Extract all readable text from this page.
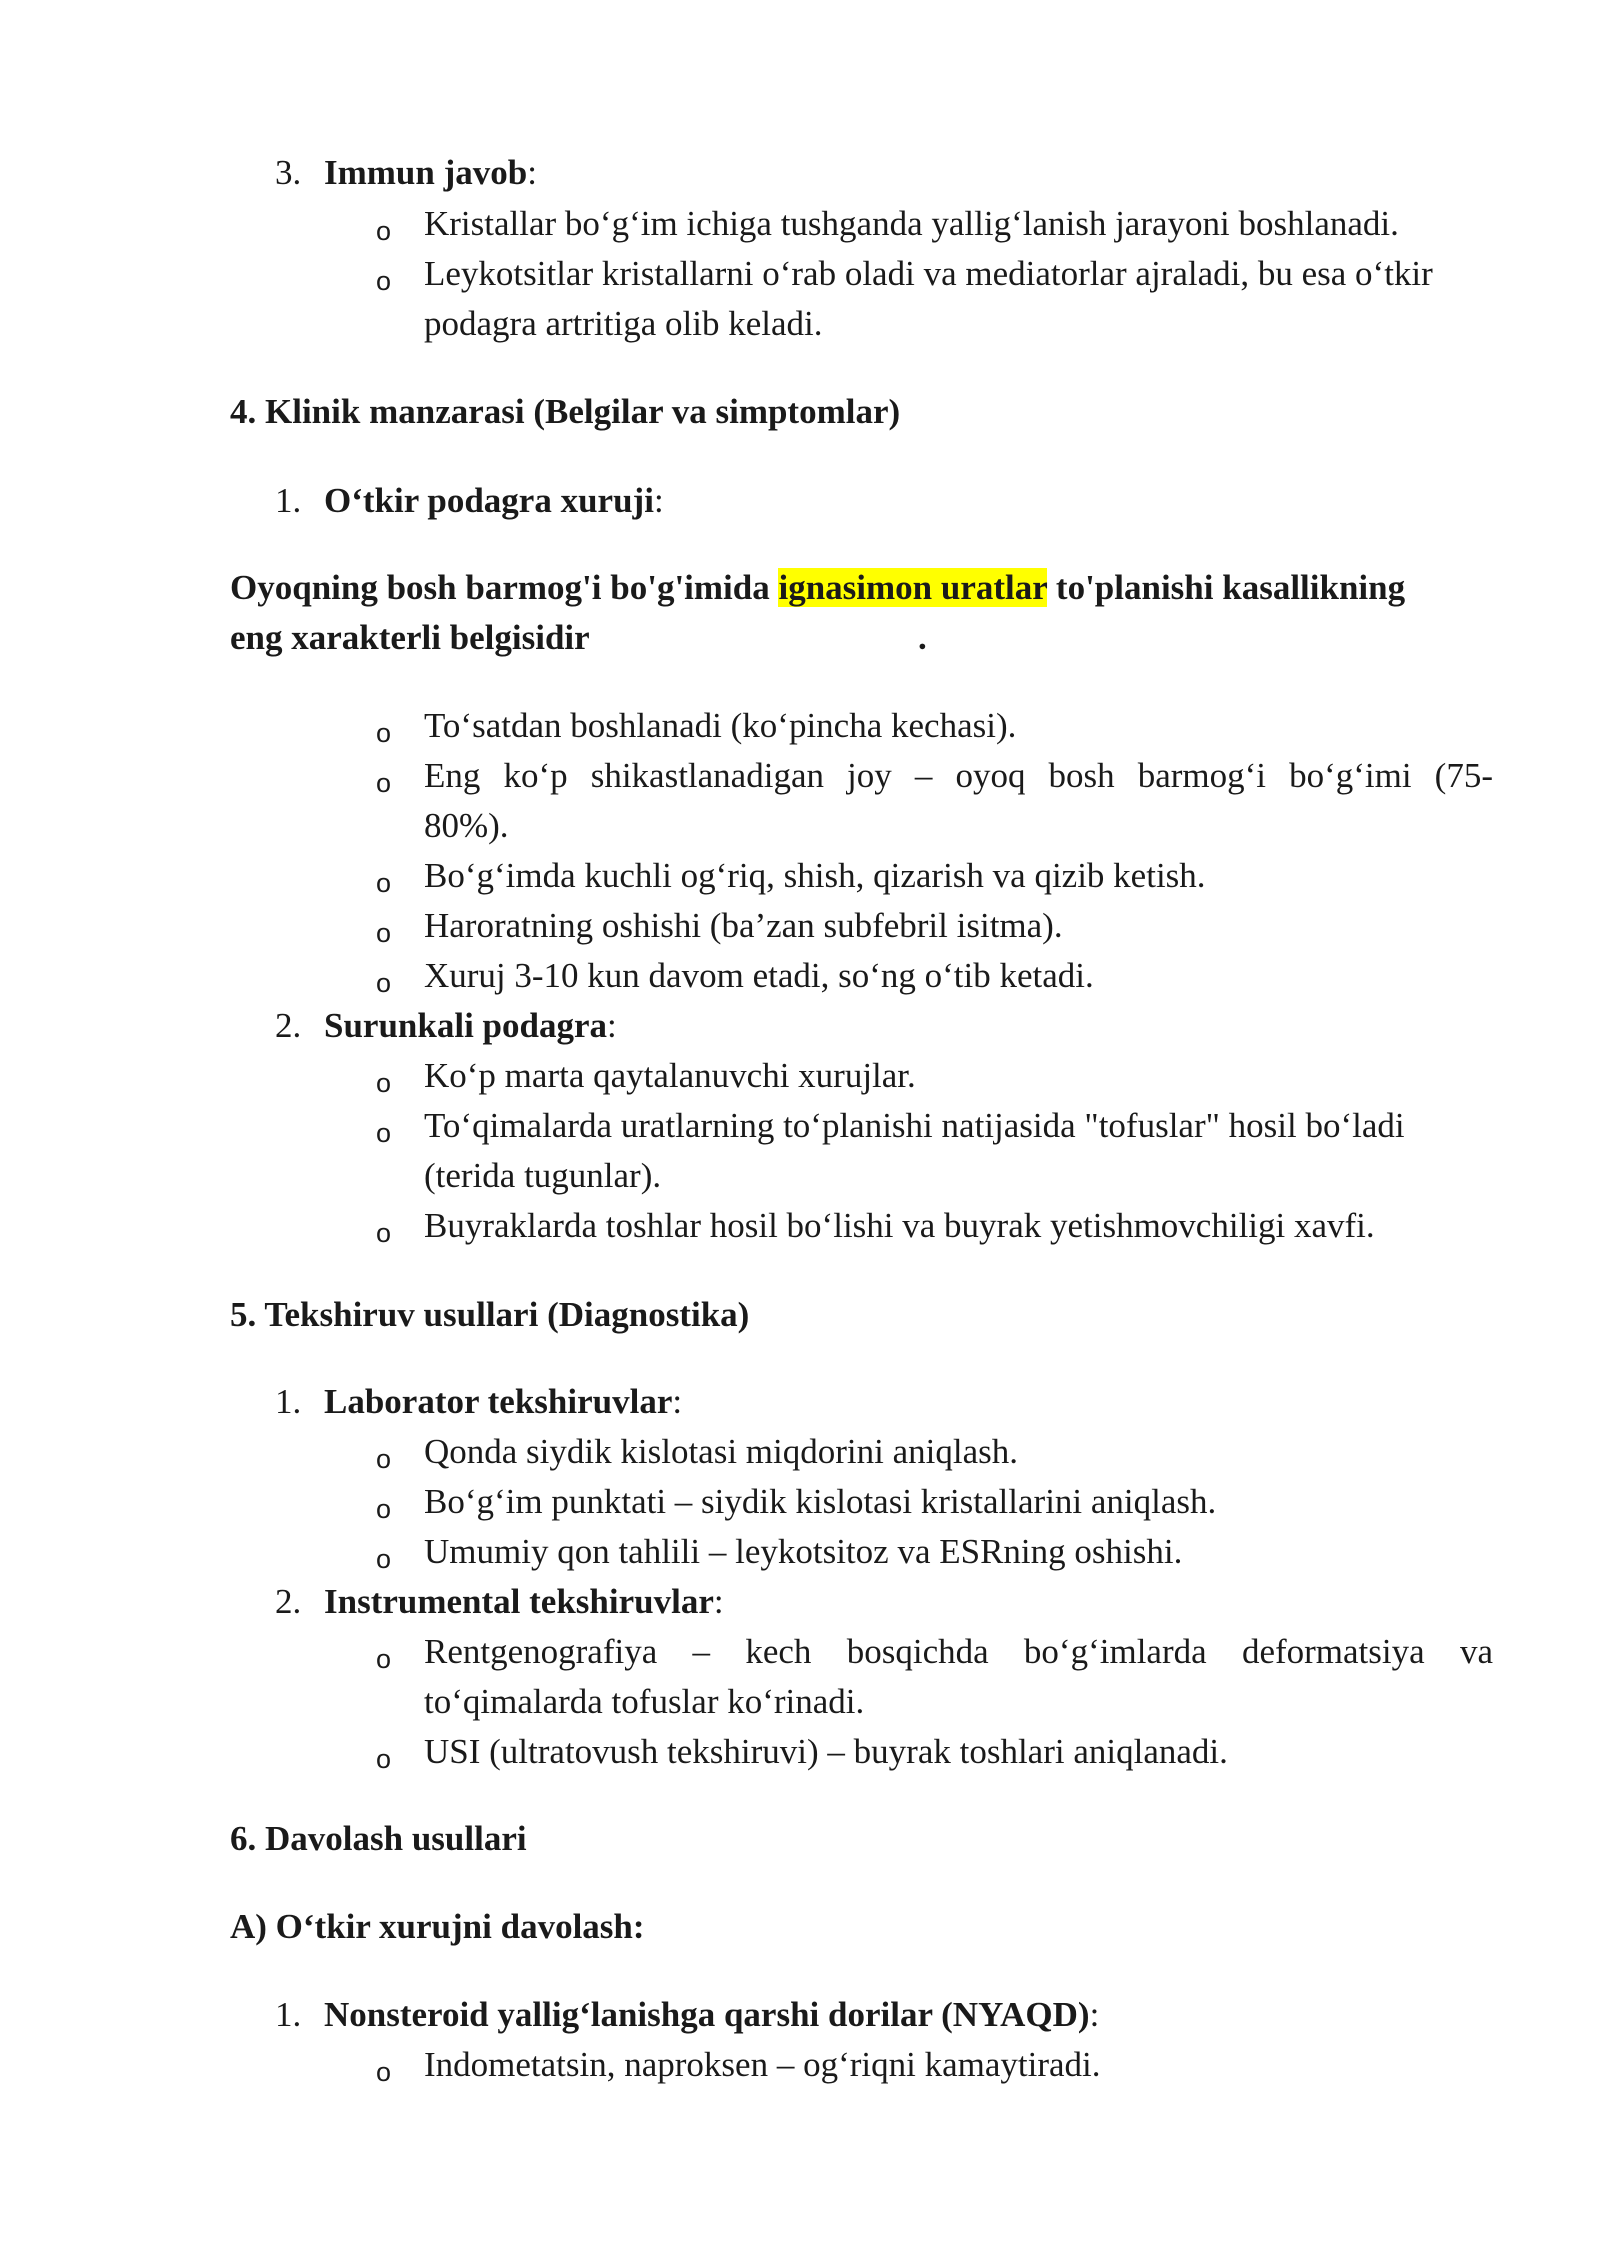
3. Immun javob:
o Kristallar bo‘g‘im ichiga tushganda yallig‘lanish jarayoni boshlanadi.
o Leykotsitlar kristallarni o‘rab oladi va mediatorlar ajraladi, bu esa o‘tkir
podagra artritiga olib keladi.
4. Klinik manzarasi (Belgilar va simptomlar)
1. O‘tkir podagra xuruji:
Oyoqning bosh barmog'i bo'g'imida ignasimon uratlar to'planishi kasallikning
eng xarakterli belgisidir	.
o To‘satdan boshlanadi (ko‘pincha kechasi).
o Eng ko‘p shikastlanadigan joy – oyoq bosh barmog‘i bo‘g‘imi (75-
80%).
o Bo‘g‘imda kuchli og‘riq, shish, qizarish va qizib ketish.
o Haroratning oshishi (ba’zan subfebril isitma).
o Xuruj 3-10 kun davom etadi, so‘ng o‘tib ketadi.
2. Surunkali podagra:
o Ko‘p marta qaytalanuvchi xurujlar.
o To‘qimalarda uratlarning to‘planishi natijasida "tofuslar" hosil bo‘ladi
(terida tugunlar).
o Buyraklarda toshlar hosil bo‘lishi va buyrak yetishmovchiligi xavfi.
5. Tekshiruv usullari (Diagnostika)
1. Laborator tekshiruvlar:
o Qonda siydik kislotasi miqdorini aniqlash.
o Bo‘g‘im punktati – siydik kislotasi kristallarini aniqlash.
o Umumiy qon tahlili – leykotsitoz va ESRning oshishi.
2. Instrumental tekshiruvlar:
o Rentgenografiya – kech bosqichda bo‘g‘imlarda deformatsiya va
to‘qimalarda tofuslar ko‘rinadi.
o USI (ultratovush tekshiruvi) – buyrak toshlari aniqlanadi.
6. Davolash usullari
A) O‘tkir xurujni davolash:
1. Nonsteroid yallig‘lanishga qarshi dorilar (NYAQD):
o Indometatsin, naproksen – og‘riqni kamaytiradi.
